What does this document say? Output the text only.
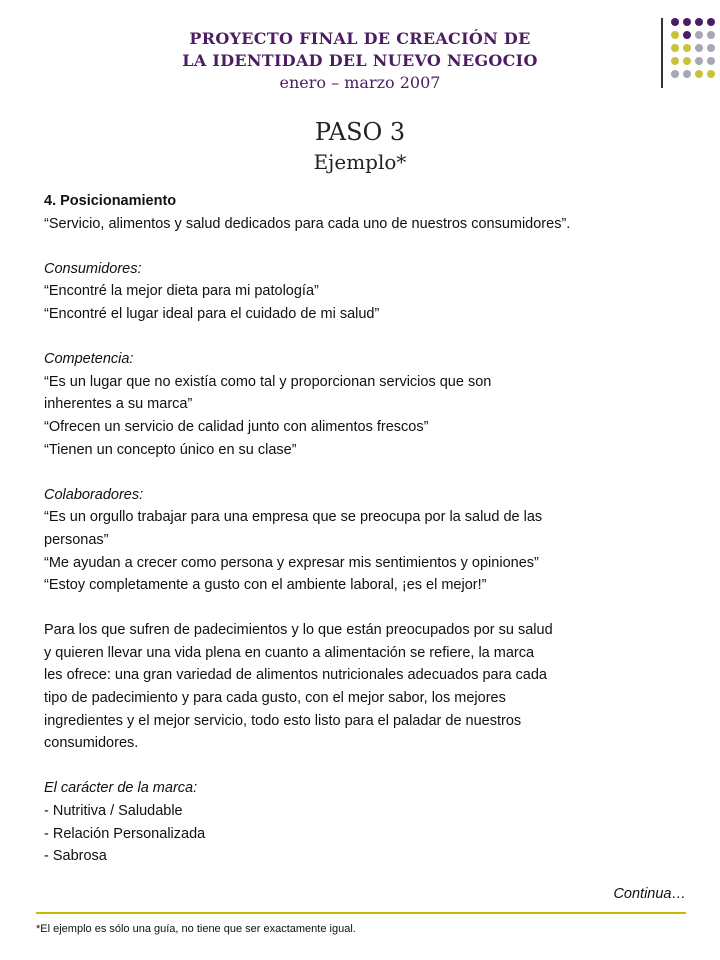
PROYECTO FINAL DE CREACIÓN DE
LA IDENTIDAD DEL NUEVO NEGOCIO
enero – marzo 2007
PASO 3
Ejemplo*

4. Posicionamiento

“Servicio, alimentos y salud dedicados para cada uno de nuestros consumidores”.

Consumidores:

“Encontré la mejor dieta para mi patología”

“Encontré el lugar ideal para el cuidado de mi salud”

Competencia:

“Es un lugar que no existía como tal y proporcionan servicios que son

inherentes a su marca”

“Ofrecen un servicio de calidad junto con alimentos frescos”

“Tienen un concepto único en su clase”

Colaboradores:

“Es un orgullo trabajar para una empresa que se preocupa por la salud de las

personas”

“Me ayudan a crecer como persona y expresar mis sentimientos y opiniones”

“Estoy completamente a gusto con el ambiente laboral, ¡es el mejor!”

Para los que sufren de padecimientos y lo que están preocupados por su salud

y quieren llevar una vida plena en cuanto a alimentación se refiere, la marca

les ofrece: una gran variedad de alimentos nutricionales adecuados para cada

tipo de padecimiento y para cada gusto, con el mejor sabor, los mejores

ingredientes y el mejor servicio, todo esto listo para el paladar de nuestros

consumidores.

El carácter de la marca:

- Nutritiva / Saludable

- Relación Personalizada

- Sabrosa

Continua…
*El ejemplo es sólo una guía, no tiene que ser exactamente igual.
